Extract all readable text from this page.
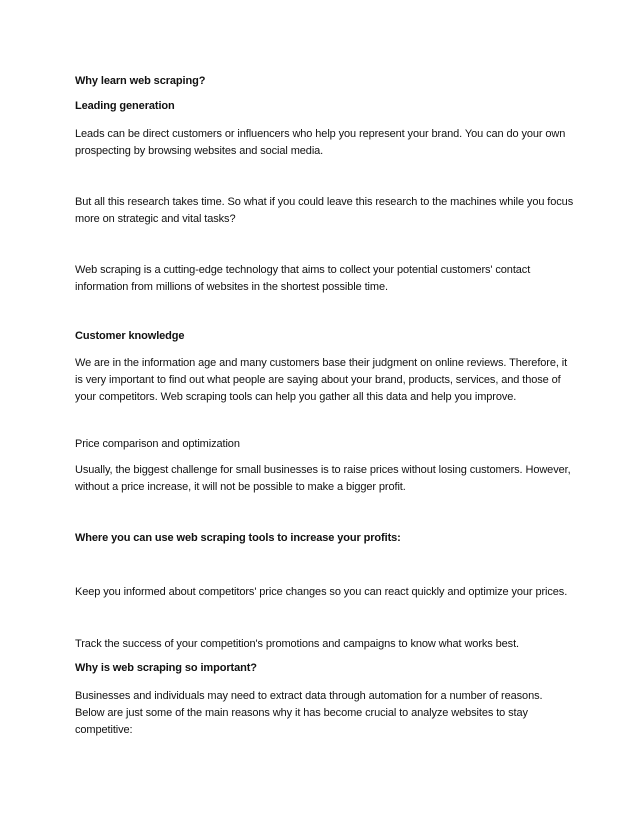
Why learn web scraping?

Leading generation

Leads can be direct customers or influencers who help you represent your brand. You can do your own

prospecting by browsing websites and social media.

But all this research takes time. So what if you could leave this research to the machines while you focus

more on strategic and vital tasks?

Web scraping is a cutting-edge technology that aims to collect your potential customers' contact

information from millions of websites in the shortest possible time.

Customer knowledge

We are in the information age and many customers base their judgment on online reviews. Therefore, it

is very important to find out what people are saying about your brand, products, services, and those of

your competitors. Web scraping tools can help you gather all this data and help you improve.

Price comparison and optimization

Usually, the biggest challenge for small businesses is to raise prices without losing customers. However,

without a price increase, it will not be possible to make a bigger profit.

Where you can use web scraping tools to increase your profits:

Keep you informed about competitors' price changes so you can react quickly and optimize your prices.

Track the success of your competition's promotions and campaigns to know what works best.

Why is web scraping so important?

Businesses and individuals may need to extract data through automation for a number of reasons.

Below are just some of the main reasons why it has become crucial to analyze websites to stay

competitive:
